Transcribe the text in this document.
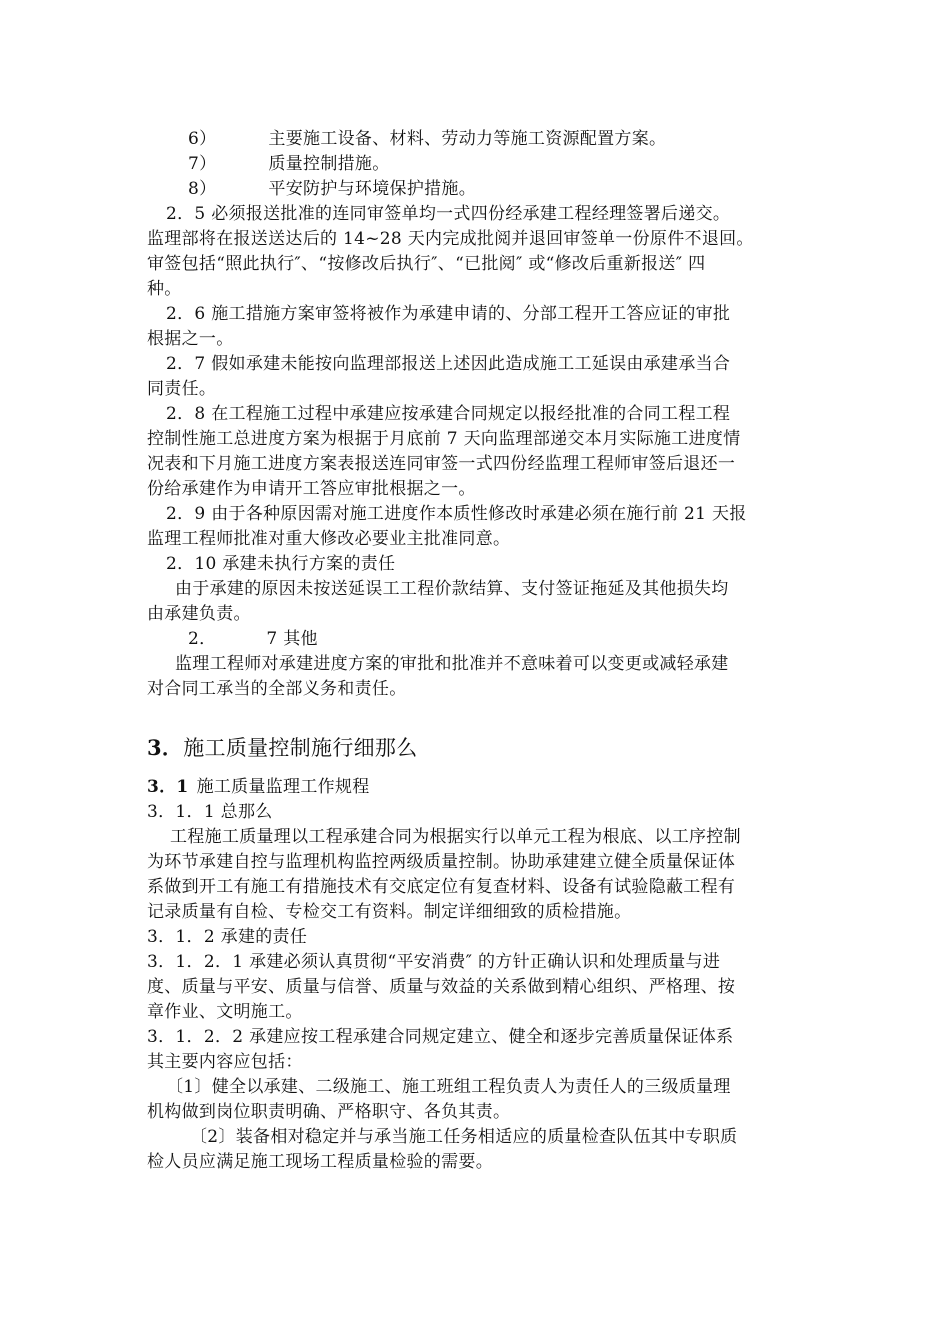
6）	主要施工设备、材料、劳动力等施工资源配置方案。
7）	质量控制措施。
8）	平安防护与环境保护措施。
2．5 必须报送批准的连同审签单均一式四份经承建工程经理签署后递交。
监理部将在报送送达后的 14~28 天内完成批阅并退回审签单一份原件不退回。
审签包括“照此执行″、“按修改后执行″、“已批阅″ 或“修改后重新报送″ 四
种。
2．6 施工措施方案审签将被作为承建申请的、分部工程开工答应证的审批
根据之一。
2．7 假如承建未能按向监理部报送上述因此造成施工工延误由承建承当合
同责任。
2．8 在工程施工过程中承建应按承建合同规定以报经批准的合同工程工程
控制性施工总进度方案为根据于月底前 7 天向监理部递交本月实际施工进度情
况表和下月施工进度方案表报送连同审签一式四份经监理工程师审签后退还一
份给承建作为申请开工答应审批根据之一。
2．9 由于各种原因需对施工进度作本质性修改时承建必须在施行前 21 天报
监理工程师批准对重大修改必要业主批准同意。
2．10 承建未执行方案的责任
由于承建的原因未按送延误工工程价款结算、支付签证拖延及其他损失均
由承建负责。
2．	7 其他
监理工程师对承建进度方案的审批和批准并不意味着可以变更或减轻承建
对合同工承当的全部义务和责任。
3．施工质量控制施行细那么
3．1 施工质量监理工作规程
3．1．1 总那么
工程施工质量理以工程承建合同为根据实行以单元工程为根底、以工序控制
为环节承建自控与监理机构监控两级质量控制。协助承建建立健全质量保证体
系做到开工有施工有措施技术有交底定位有复查材料、设备有试验隐蔽工程有
记录质量有自检、专检交工有资料。制定详细细致的质检措施。
3．1．2 承建的责任
3．1．2．1 承建必须认真贯彻“平安消费″ 的方针正确认识和处理质量与进
度、质量与平安、质量与信誉、质量与效益的关系做到精心组织、严格理、按
章作业、文明施工。
3．1．2．2 承建应按工程承建合同规定建立、健全和逐步完善质量保证体系
其主要内容应包括：
〔1〕健全以承建、二级施工、施工班组工程负责人为责任人的三级质量理
机构做到岗位职责明确、严格职守、各负其责。
〔2〕装备相对稳定并与承当施工任务相适应的质量检查队伍其中专职质
检人员应满足施工现场工程质量检验的需要。
